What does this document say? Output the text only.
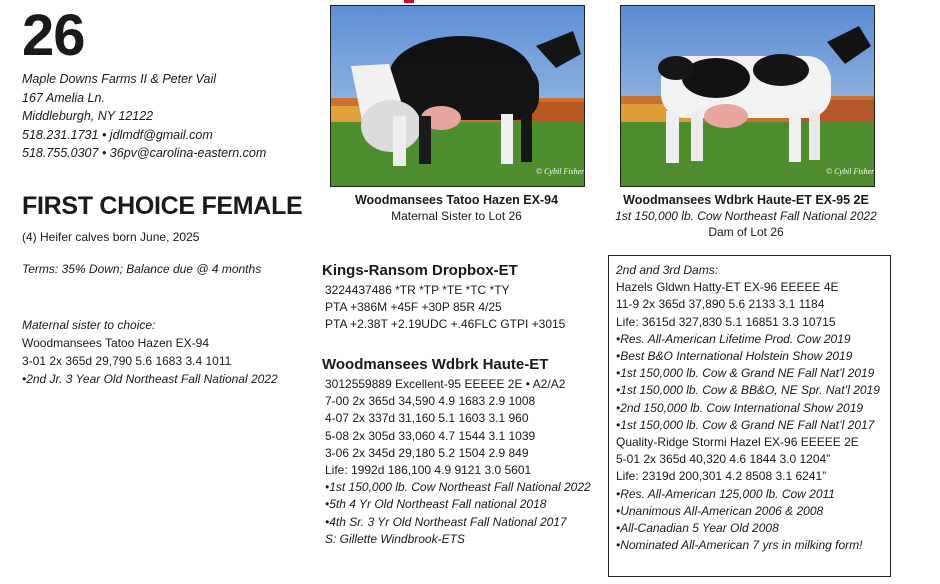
26
Maple Downs Farms II & Peter Vail
167 Amelia Ln.
Middleburgh, NY 12122
518.231.1731 • jdlmdf@gmail.com
518.755.0307 • 36pv@carolina-eastern.com
FIRST CHOICE FEMALE
(4) Heifer calves born June, 2025
Terms: 35% Down; Balance due @ 4 months
Maternal sister to choice:
Woodmansees Tatoo Hazen EX-94
3-01 2x 365d 29,790 5.6 1683 3.4 1011
•2nd Jr. 3 Year Old Northeast Fall National 2022
© Cybil Fisher
Woodmansees Tatoo Hazen EX-94
Maternal Sister to Lot 26
© Cybil Fisher
Woodmansees Wdbrk Haute-ET EX-95 2E
1st 150,000 lb. Cow Northeast Fall National 2022
Dam of Lot 26
Kings-Ransom Dropbox-ET
3224437486 *TR *TP *TE *TC *TY
PTA +386M +45F +30P 85R 4/25
PTA +2.38T +2.19UDC +.46FLC GTPI +3015
Woodmansees Wdbrk Haute-ET
3012559889 Excellent-95 EEEEE 2E • A2/A2
7-00 2x 365d 34,590 4.9 1683 2.9 1008
4-07 2x 337d 31,160 5.1 1603 3.1 960
5-08 2x 305d 33,060 4.7 1544 3.1 1039
3-06 2x 345d 29,180 5.2 1504 2.9 849
Life: 1992d 186,100 4.9 9121 3.0 5601
•1st 150,000 lb. Cow Northeast Fall National 2022
•5th 4 Yr Old Northeast Fall national 2018
•4th Sr. 3 Yr Old Northeast Fall National 2017
S: Gillette Windbrook-ETS
2nd and 3rd Dams:
Hazels Gldwn Hatty-ET EX-96 EEEEE 4E
11-9 2x 365d 37,890 5.6 2133 3.1 1184
Life: 3615d 327,830 5.1 16851 3.3 10715
•Res. All-American Lifetime Prod. Cow 2019
•Best B&O International Holstein Show 2019
•1st 150,000 lb. Cow & Grand NE Fall Nat’l 2019
•1st 150,000 lb. Cow & BB&O, NE Spr. Nat’l 2019
•2nd 150,000 lb. Cow International Show 2019
•1st 150,000 lb. Cow & Grand NE Fall Nat’l 2017
Quality-Ridge Stormi Hazel EX-96 EEEEE 2E
5-01 2x 365d 40,320 4.6 1844 3.0 1204”
Life: 2319d 200,301 4.2 8508 3.1 6241”
•Res. All-American 125,000 lb. Cow 2011
•Unanimous All-American 2006 & 2008
•All-Canadian 5 Year Old 2008
•Nominated All-American 7 yrs in milking form!
